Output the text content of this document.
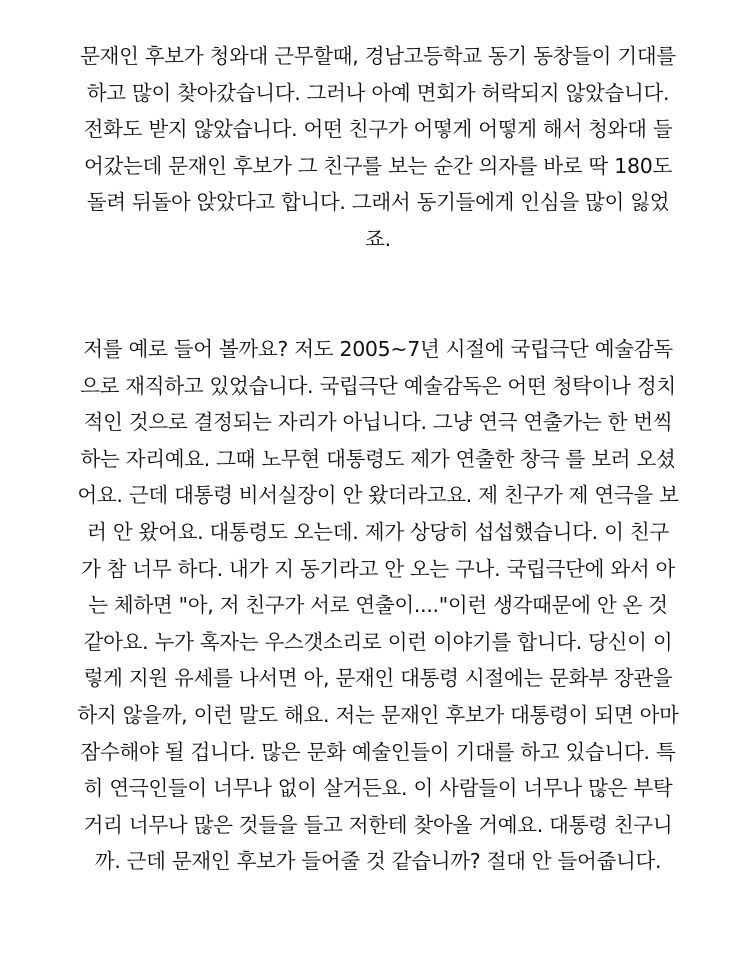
문재인 후보가 청와대 근무할때, 경남고등학교 동기 동창들이 기대를
하고 많이 찾아갔습니다. 그러나 아예 면회가 허락되지 않았습니다.
전화도 받지 않았습니다. 어떤 친구가 어떻게 어떻게 해서 청와대 들
어갔는데 문재인 후보가 그 친구를 보는 순간 의자를 바로 딱 180도
돌려 뒤돌아 앉았다고 합니다. 그래서 동기들에게 인심을 많이 잃었
죠.
저를 예로 들어 볼까요? 저도 2005~7년 시절에 국립극단 예술감독
으로 재직하고 있었습니다. 국립극단 예술감독은 어떤 청탁이나 정치
적인 것으로 결정되는 자리가 아닙니다. 그냥 연극 연출가는 한 번씩
하는 자리예요. 그때 노무현 대통령도 제가 연출한 창극 를 보러 오셨
어요. 근데 대통령 비서실장이 안 왔더라고요. 제 친구가 제 연극을 보
러 안 왔어요. 대통령도 오는데. 제가 상당히 섭섭했습니다. 이 친구
가 참 너무 하다. 내가 지 동기라고 안 오는 구나. 국립극단에 와서 아
는 체하면 "아, 저 친구가 서로 연출이...."이런 생각때문에 안 온 것
같아요. 누가 혹자는 우스갯소리로 이런 이야기를 합니다. 당신이 이
렇게 지원 유세를 나서면 아, 문재인 대통령 시절에는 문화부 장관을
하지 않을까, 이런 말도 해요. 저는 문재인 후보가 대통령이 되면 아마
잠수해야 될 겁니다. 많은 문화 예술인들이 기대를 하고 있습니다. 특
히 연극인들이 너무나 없이 살거든요. 이 사람들이 너무나 많은 부탁
거리 너무나 많은 것들을 들고 저한테 찾아올 거예요. 대통령 친구니
까. 근데 문재인 후보가 들어줄 것 같습니까? 절대 안 들어줍니다.
